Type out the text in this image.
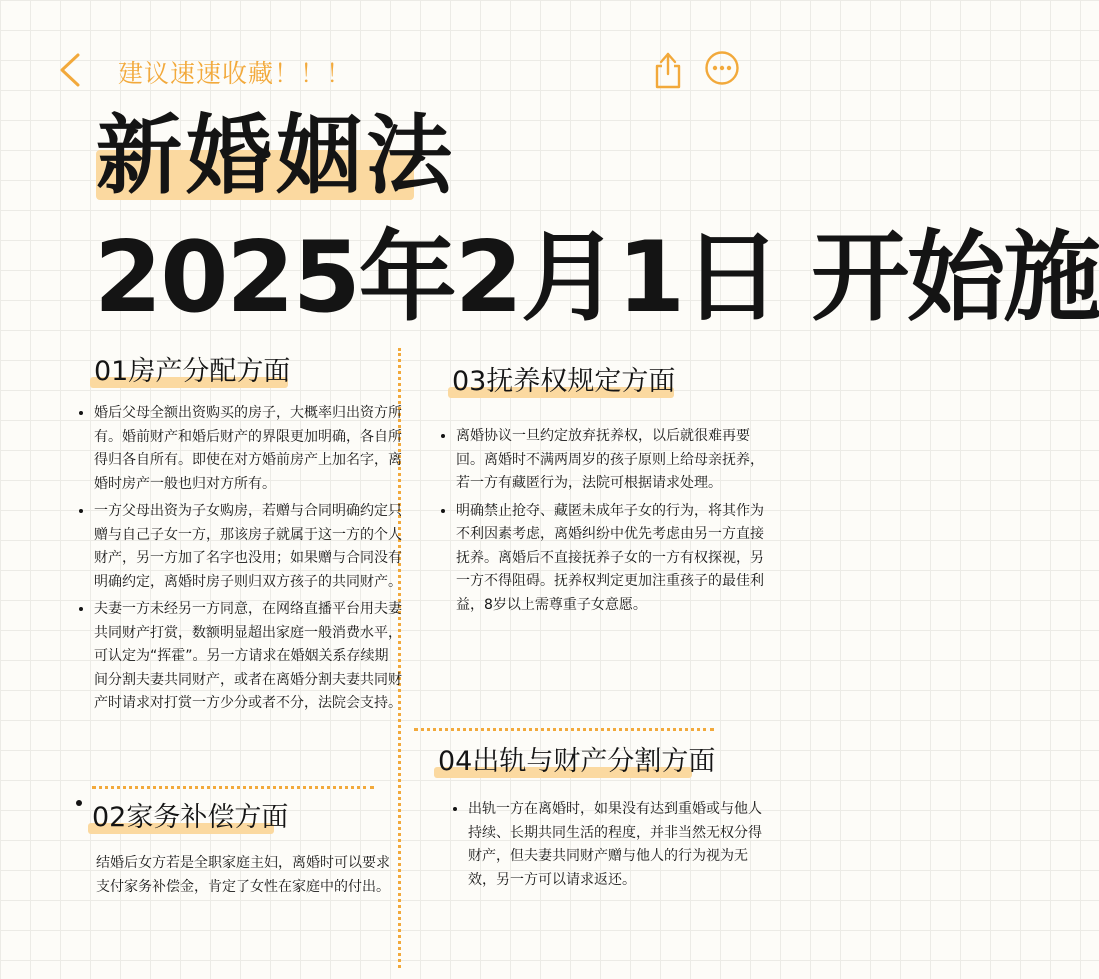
建议速速收藏！！！
新婚姻法
2025年2月1日 开始施
01房产分配方面
• 婚后父母全额出资购买的房子，大概率归出资方所有。婚前财产和婚后财产的界限更加明确，各自所得归各自所有。即使在对方婚前房产上加名字，离婚时房产一般也归对方所有。
• 一方父母出资为子女购房，若赠与合同明确约定只赠与自己子女一方，那该房子就属于这一方的个人财产，另一方加了名字也没用；如果赠与合同没有明确约定，离婚时房子则归双方孩子的共同财产。
• 夫妻一方未经另一方同意，在网络直播平台用夫妻共同财产打赏，数额明显超出家庭一般消费水平，可认定为“挥霍”。另一方请求在婚姻关系存续期间分割夫妻共同财产，或者在离婚分割夫妻共同财产时请求对打赏一方少分或者不分，法院会支持。
02家务补偿方面
结婚后女方若是全职家庭主妇，离婚时可以要求支付家务补偿金，肯定了女性在家庭中的付出。
03抚养权规定方面
• 离婚协议一旦约定放弃抚养权，以后就很难再要回。离婚时不满两周岁的孩子原则上给母亲抚养，若一方有藏匿行为，法院可根据请求处理。
• 明确禁止抢夺、藏匿未成年子女的行为，将其作为不利因素考虑，离婚纠纷中优先考虑由另一方直接抚养。离婚后不直接抚养子女的一方有权探视，另一方不得阻碍。抚养权判定更加注重孩子的最佳利益，8岁以上需尊重子女意愿。
04出轨与财产分割方面
• 出轨一方在离婚时，如果没有达到重婚或与他人持续、长期共同生活的程度，并非当然无权分得财产，但夫妻共同财产赠与他人的行为视为无效，另一方可以请求返还。
